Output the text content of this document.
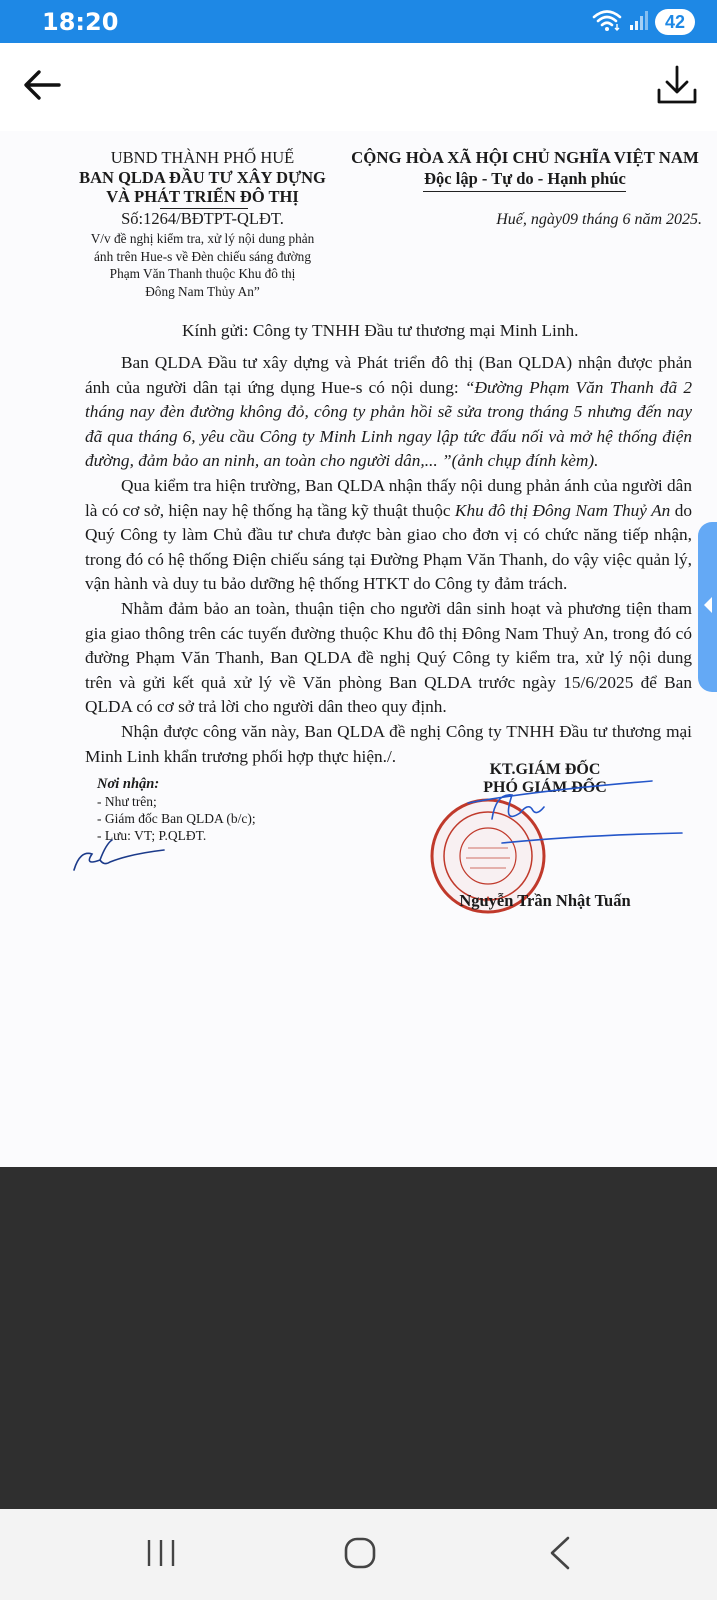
18:20	42
UBND THÀNH PHỐ HUẾ
BAN QLDA ĐẦU TƯ XÂY DỰNG
VÀ PHÁT TRIỂN ĐÔ THỊ
CỘNG HÒA XÃ HỘI CHỦ NGHĨA VIỆT NAM
Độc lập - Tự do - Hạnh phúc
Số:1264/BĐTPT-QLĐT.	Huế, ngày09 tháng 6 năm 2025.
V/v đề nghị kiểm tra, xử lý nội dung phản
ánh trên Hue-s về Đèn chiếu sáng đường
Phạm Văn Thanh thuộc Khu đô thị
Đông Nam Thủy An”
Kính gửi: Công ty TNHH Đầu tư thương mại Minh Linh.

Ban QLDA Đầu tư xây dựng và Phát triển đô thị (Ban QLDA) nhận được phản ánh của người dân tại ứng dụng Hue-s có nội dung: “Đường Phạm Văn Thanh đã 2 tháng nay đèn đường không đỏ, công ty phản hồi sẽ sửa trong tháng 5 nhưng đến nay đã qua tháng 6, yêu cầu Công ty Minh Linh ngay lập tức đấu nối và mở hệ thống điện đường, đảm bảo an ninh, an toàn cho người dân,... ”(ảnh chụp đính kèm).

Qua kiểm tra hiện trường, Ban QLDA nhận thấy nội dung phản ánh của người dân là có cơ sở, hiện nay hệ thống hạ tầng kỹ thuật thuộc Khu đô thị Đông Nam Thuỷ An do Quý Công ty làm Chủ đầu tư chưa được bàn giao cho đơn vị có chức năng tiếp nhận, trong đó có hệ thống Điện chiếu sáng tại Đường Phạm Văn Thanh, do vậy việc quản lý, vận hành và duy tu bảo dưỡng hệ thống HTKT do Công ty đảm trách.

Nhằm đảm bảo an toàn, thuận tiện cho người dân sinh hoạt và phương tiện tham gia giao thông trên các tuyến đường thuộc Khu đô thị Đông Nam Thuỷ An, trong đó có đường Phạm Văn Thanh, Ban QLDA đề nghị Quý Công ty kiểm tra, xử lý nội dung trên và gửi kết quả xử lý về Văn phòng Ban QLDA trước ngày 15/6/2025 để Ban QLDA có cơ sở trả lời cho người dân theo quy định.

Nhận được công văn này, Ban QLDA đề nghị Công ty TNHH Đầu tư thương mại Minh Linh khẩn trương phối hợp thực hiện./.

Nơi nhận:
- Như trên;
- Giám đốc Ban QLDA (b/c);
- Lưu: VT; P.QLĐT.
KT.GIÁM ĐỐC
PHÓ GIÁM ĐỐC
Nguyễn Trần Nhật Tuấn
